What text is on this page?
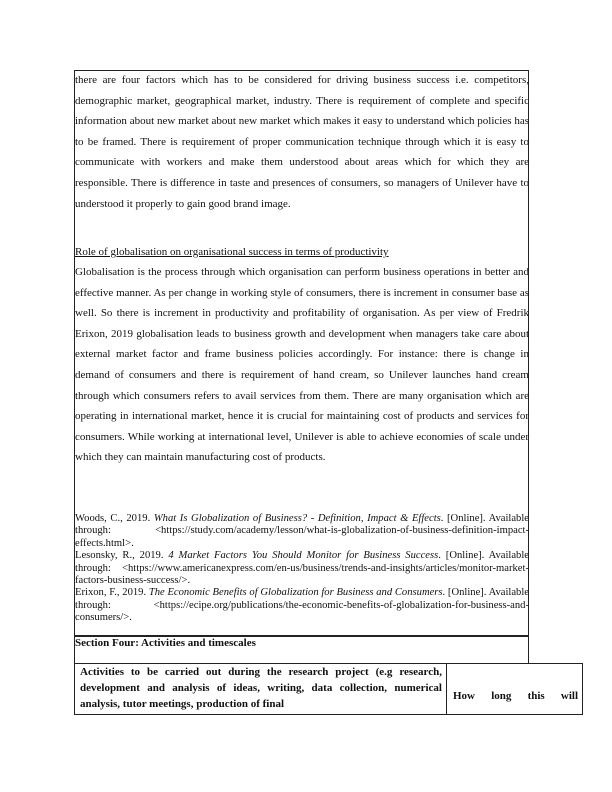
there are four factors which has to be considered for driving business success i.e. competitors, demographic market, geographical market, industry. There is requirement of complete and specific information about new market about new market which makes it easy to understand which policies has to be framed. There is requirement of proper communication technique through which it is easy to communicate with workers and make them understood about areas which for which they are responsible. There is difference in taste and presences of consumers, so managers of Unilever have to understood it properly to gain good brand image.

Role of globalisation on organisational success in terms of productivity

Globalisation is the process through which organisation can perform business operations in better and effective manner. As per change in working style of consumers, there is increment in consumer base as well. So there is increment in productivity and profitability of organisation. As per view of Fredrik Erixon, 2019 globalisation leads to business growth and development when managers take care about external market factor and frame business policies accordingly. For instance: there is change in demand of consumers and there is requirement of hand cream, so Unilever launches hand cream through which consumers refers to avail services from them. There are many organisation which are operating in international market, hence it is crucial for maintaining cost of products and services for consumers. While working at international level, Unilever is able to achieve economies of scale under which they can maintain manufacturing cost of products.

Woods, C., 2019. What Is Globalization of Business? - Definition, Impact & Effects. [Online]. Available through: <https://study.com/academy/lesson/what-is-globalization-of-business-definition-impact-effects.html>.

Lesonsky, R., 2019. 4 Market Factors You Should Monitor for Business Success. [Online]. Available through: <https://www.americanexpress.com/en-us/business/trends-and-insights/articles/monitor-market-factors-business-success/>.

Erixon, F., 2019. The Economic Benefits of Globalization for Business and Consumers. [Online]. Available through: <https://ecipe.org/publications/the-economic-benefits-of-globalization-for-business-and-consumers/>.

Section Four: Activities and timescales
Activities to be carried out during the research project (e.g research, development and analysis of ideas, writing, data collection, numerical analysis, tutor meetings, production of final
How long this will
